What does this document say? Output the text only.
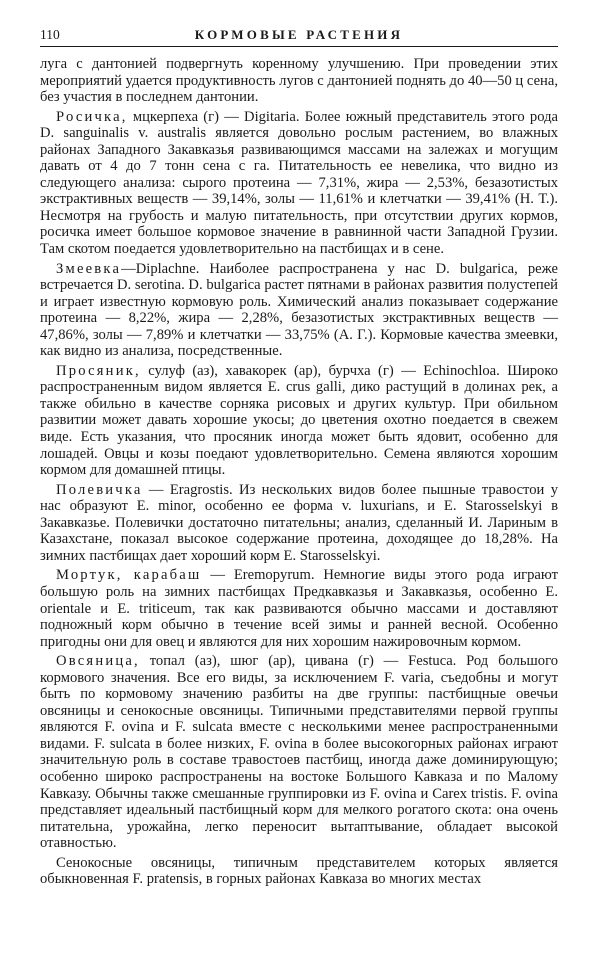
110	КОРМОВЫЕ РАСТЕНИЯ

луга с дантонией подвергнуть коренному улучшению. При проведении этих мероприятий удается продуктивность лугов с дантонией поднять до 40—50 ц сена, без участия в последнем дантонии.

Росичка, мцкерпеха (г) — Digitaria. Более южный представитель этого рода D. sanguinalis v. australis является довольно рослым растением, во влажных районах Западного Закавказья развивающимся массами на залежах и могущим давать от 4 до 7 тонн сена с га. Питательность ее невелика, что видно из следующего анализа: сырого протеина — 7,31%, жира — 2,53%, безазотистых экстрактивных веществ — 39,14%, золы — 11,61% и клетчатки — 39,41% (Н. Т.). Несмотря на грубость и малую питательность, при отсутствии других кормов, росичка имеет большое кормовое значение в равнинной части Западной Грузии. Там скотом поедается удовлетворительно на пастбищах и в сене.

Змеевка—Diplachne. Наиболее распространена у нас D. bulgarica, реже встречается D. serotina. D. bulgarica растет пятнами в районах развития полустепей и играет известную кормовую роль. Химический анализ показывает содержание протеина — 8,22%, жира — 2,28%, безазотистых экстрактивных веществ — 47,86%, золы — 7,89% и клетчатки — 33,75% (А. Г.). Кормовые качества змеевки, как видно из анализа, посредственные.

Просяник, сулуф (аз), хавакорек (ар), бурчха (г) — Echinochloa. Широко распространенным видом является E. crus galli, дико растущий в долинах рек, а также обильно в качестве сорняка рисовых и других культур. При обильном развитии может давать хорошие укосы; до цветения охотно поедается в свежем виде. Есть указания, что просяник иногда может быть ядовит, особенно для лошадей. Овцы и козы поедают удовлетворительно. Семена являются хорошим кормом для домашней птицы.

Полевичка — Eragrostis. Из нескольких видов более пышные травостои у нас образуют E. minor, особенно ее форма v. luxurians, и E. Starosselskyi в Закавказье. Полевички достаточно питательны; анализ, сделанный И. Лариным в Казахстане, показал высокое содержание протеина, доходящее до 18,28%. На зимних пастбищах дает хороший корм E. Starosselskyi.

Мортук, карабаш — Eremopyrum. Немногие виды этого рода играют большую роль на зимних пастбищах Предкавказья и Закавказья, особенно E. orientale и E. triticeum, так как развиваются обычно массами и доставляют подножный корм обычно в течение всей зимы и ранней весной. Особенно пригодны они для овец и являются для них хорошим нажировочным кормом.

Овсяница, топал (аз), шюг (ар), цивана (г) — Festuca. Род большого кормового значения. Все его виды, за исключением F. varia, съедобны и могут быть по кормовому значению разбиты на две группы: пастбищные овечьи овсяницы и сенокосные овсяницы. Типичными представителями первой группы являются F. ovina и F. sulcata вместе с несколькими менее распространенными видами. F. sulcata в более низких, F. ovina в более высокогорных районах играют значительную роль в составе травостоев пастбищ, иногда даже доминирующую; особенно широко распространены на востоке Большого Кавказа и по Малому Кавказу. Обычны также смешанные группировки из F. ovina и Carex tristis. F. ovina представляет идеальный пастбищный корм для мелкого рогатого скота: она очень питательна, урожайна, легко переносит вытаптывание, обладает высокой отавностью.

Сенокосные овсяницы, типичным представителем которых является обыкновенная F. pratensis, в горных районах Кавказа во многих местах
